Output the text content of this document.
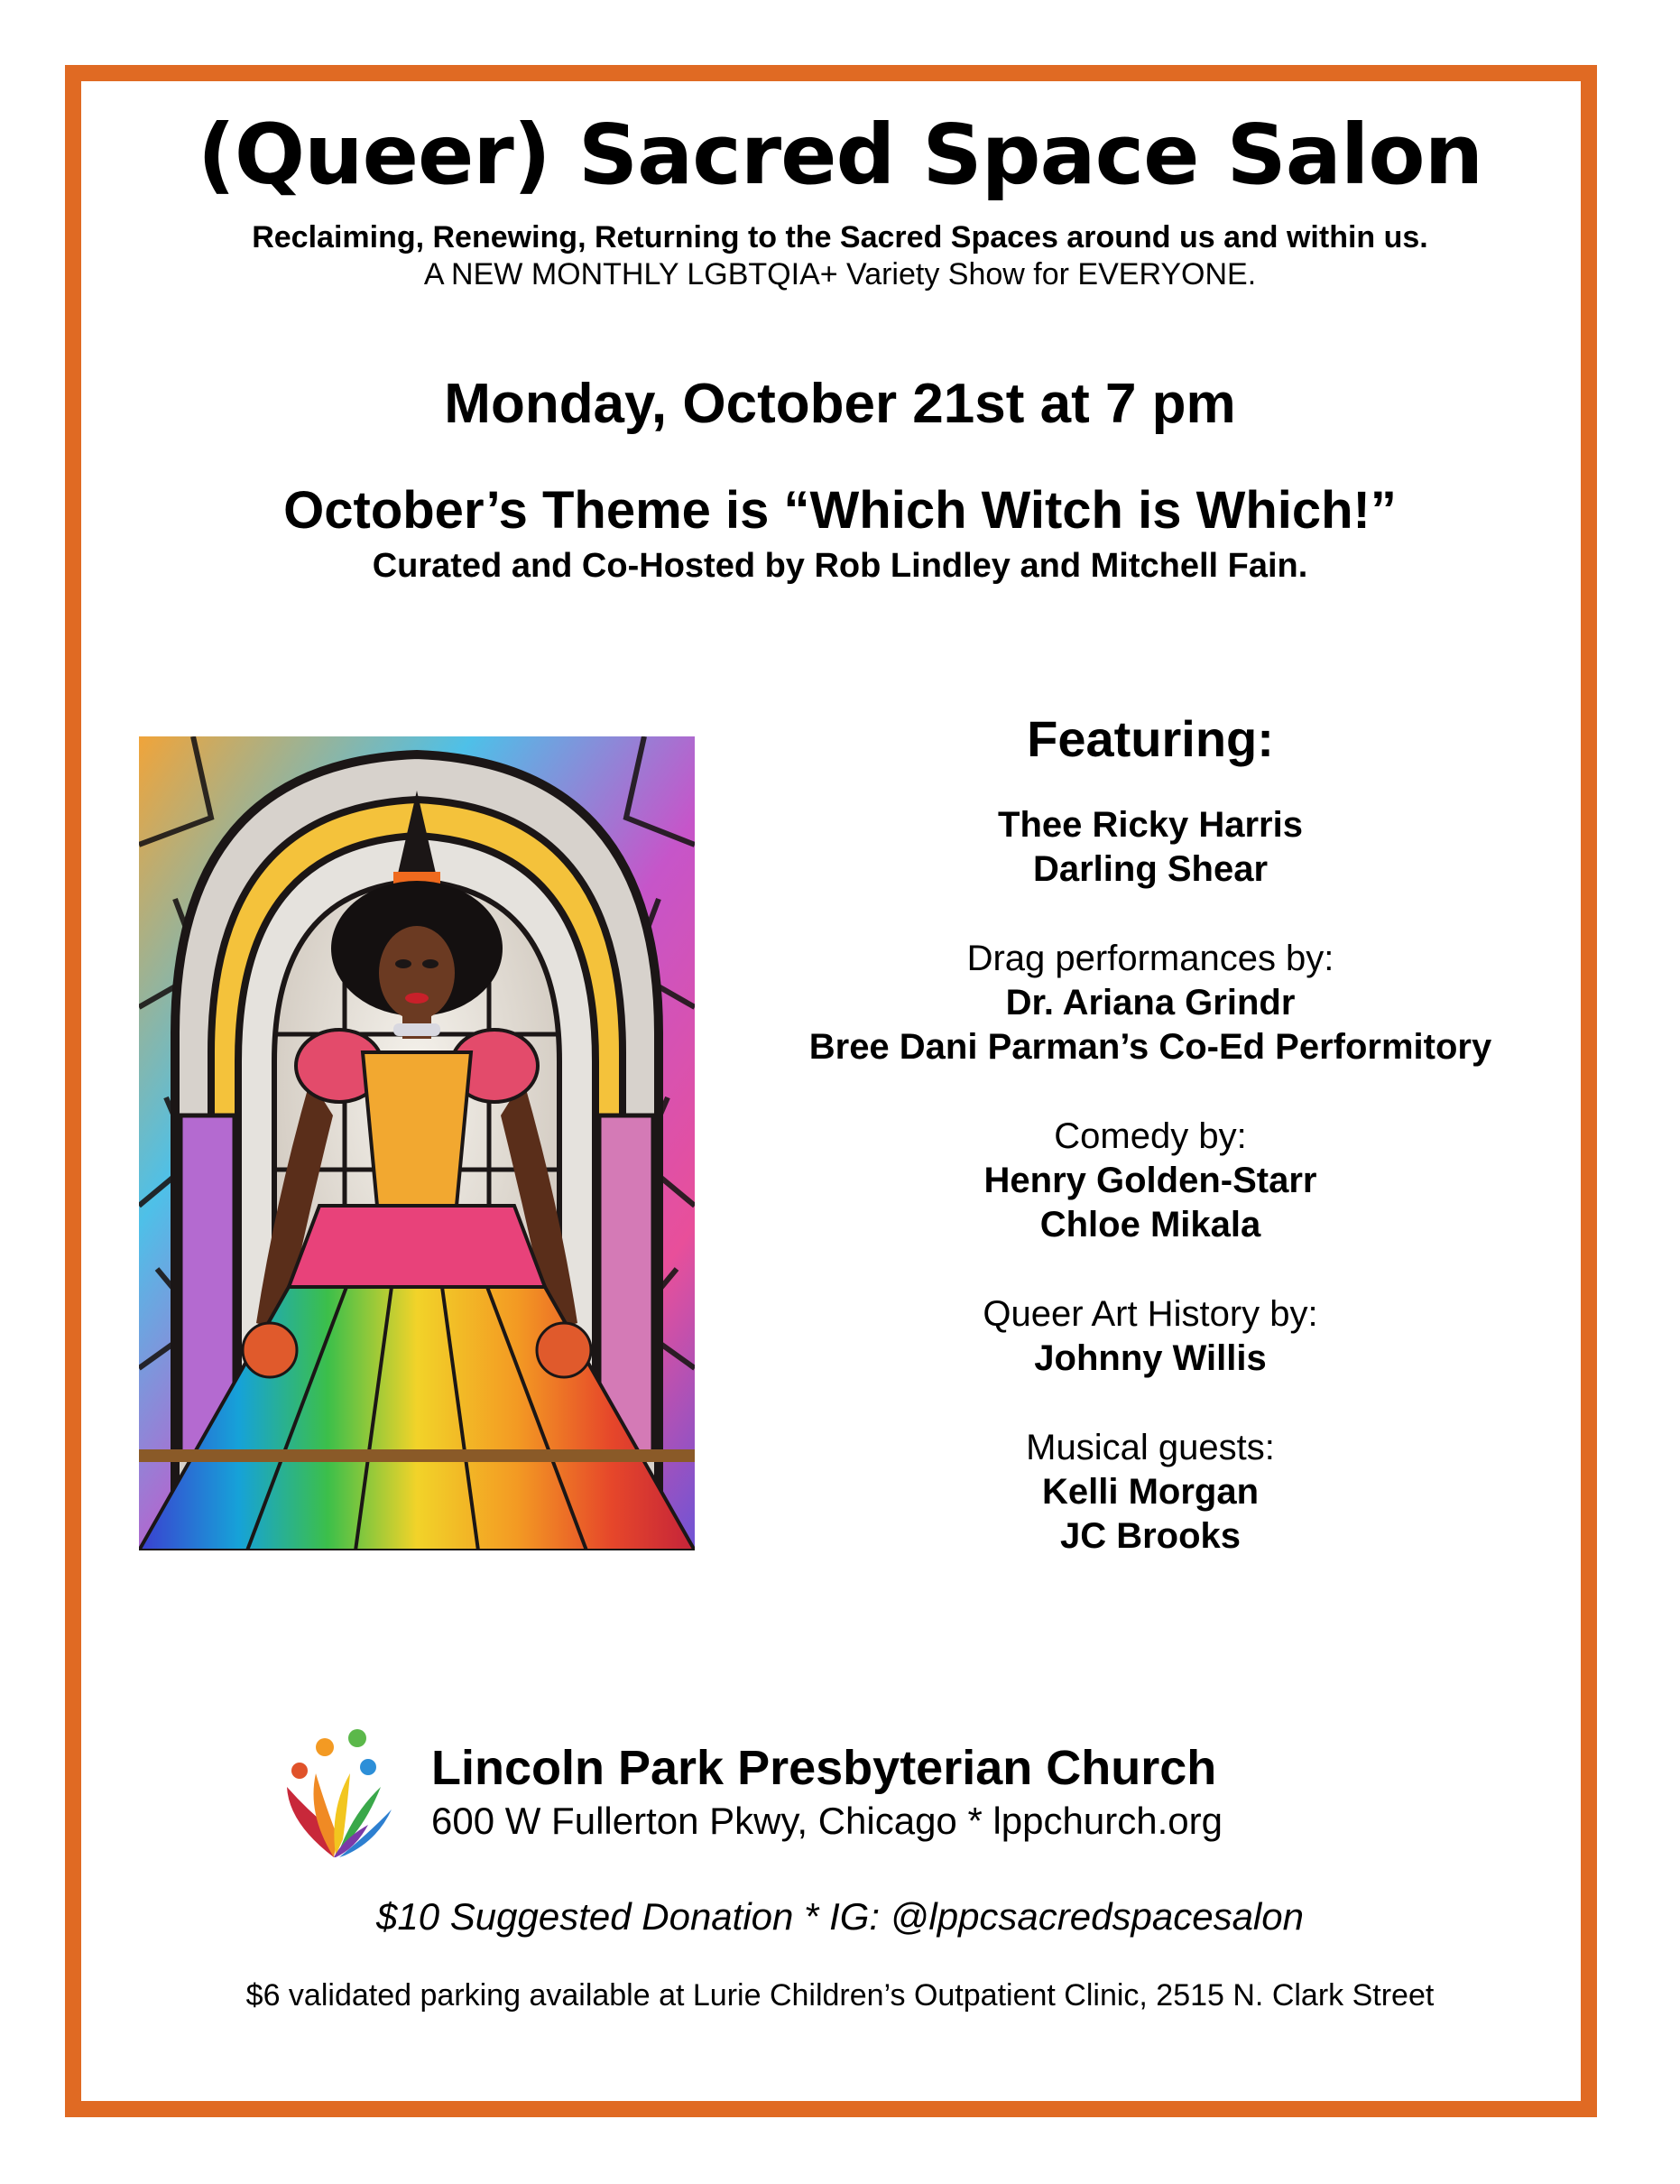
(Queer) Sacred Space Salon
Reclaiming, Renewing, Returning to the Sacred Spaces around us and within us.
A NEW MONTHLY LGBTQIA+ Variety Show for EVERYONE.
Monday, October 21st at 7 pm
October’s Theme is “Which Witch is Which!”
Curated and Co-Hosted by Rob Lindley and Mitchell Fain.
Featuring:
Thee Ricky Harris
Darling Shear
Drag performances by:
Dr. Ariana Grindr
Bree Dani Parman’s Co-Ed Performitory
Comedy by:
Henry Golden-Starr
Chloe Mikala
Queer Art History by:
Johnny Willis
Musical guests:
Kelli Morgan
JC Brooks
Lincoln Park Presbyterian Church
600 W Fullerton Pkwy, Chicago * lppchurch.org
$10 Suggested Donation * IG: @lppcsacredspacesalon
$6 validated parking available at Lurie Children’s Outpatient Clinic, 2515 N. Clark Street
